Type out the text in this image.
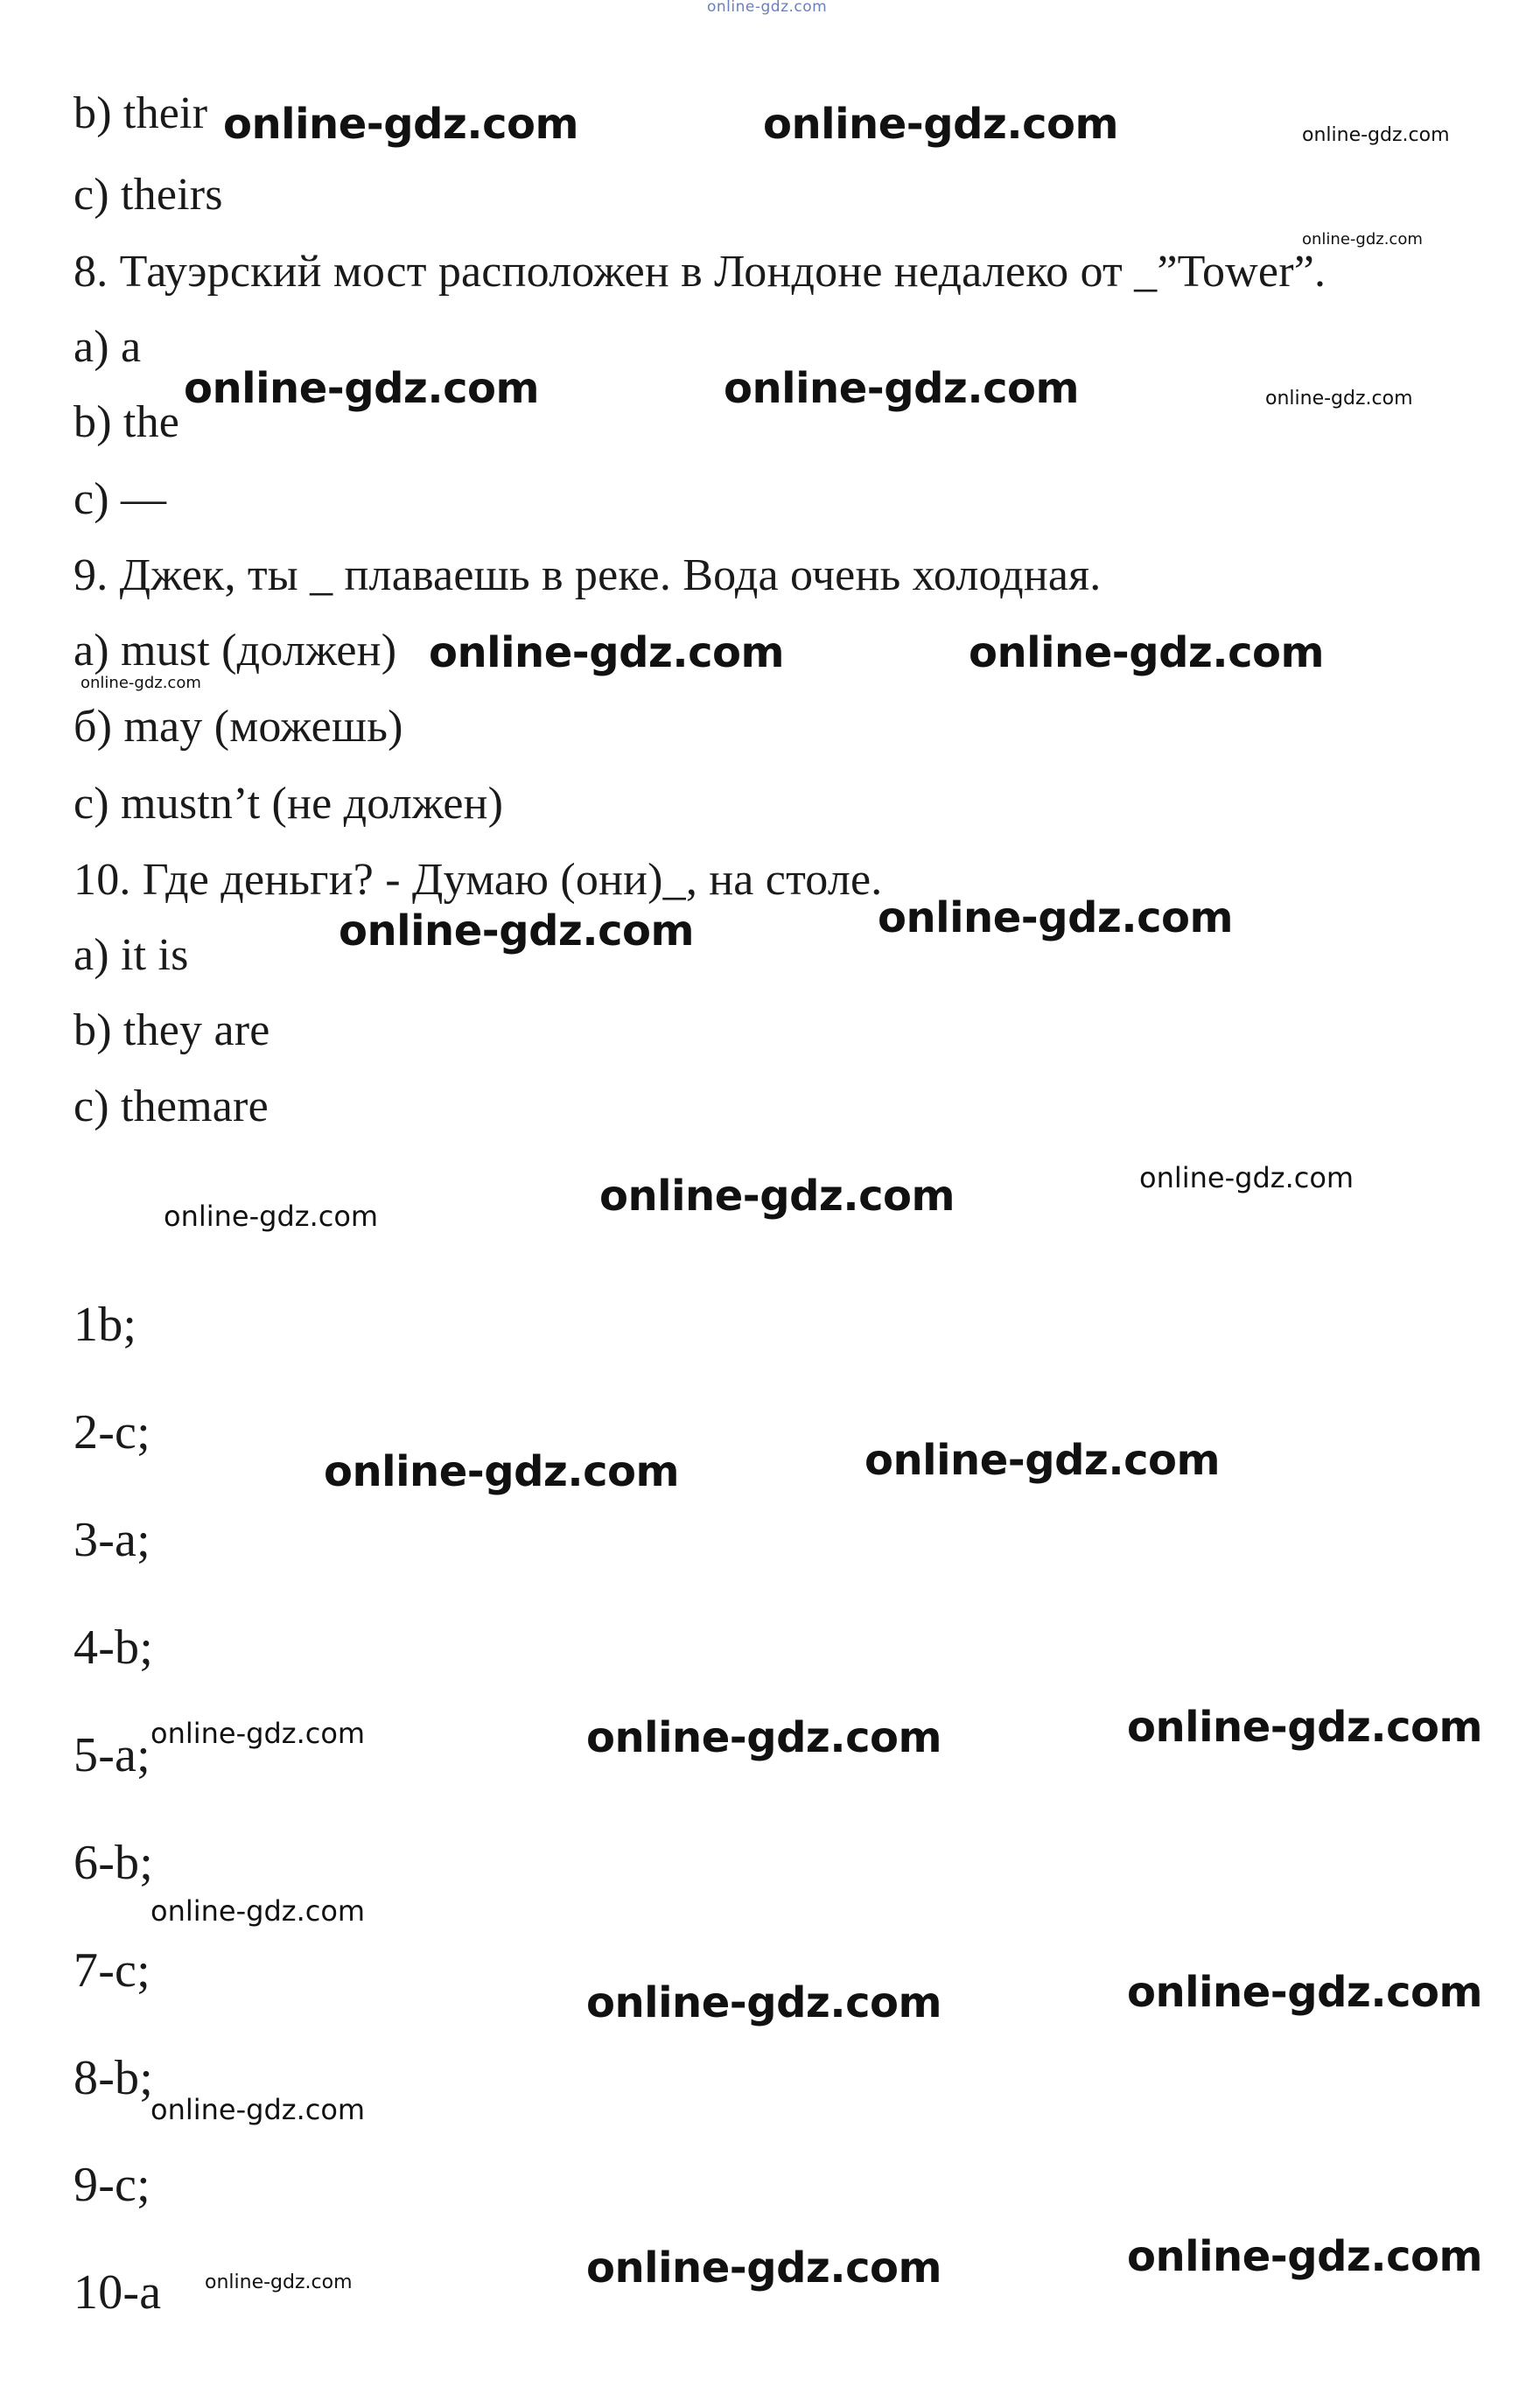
online-gdz.com

b) their

c) theirs

8. Тауэрский мост расположен в Лондоне недалеко от _”Tower”.

a) a

b) the

c) —

9. Джек, ты _ плаваешь в реке. Вода очень холодная.

a) must (должен)

б) may (можешь)

c) mustn’t (не должен)

10. Где деньги? - Думаю (они)_, на столе.

a) it is

b) they are

c) themare

1b;

2-c;

3-a;

4-b;

5-a;

6-b;

7-c;

8-b;

9-c;

10-a

online-gdz.com	online-gdz.com	online-gdz.com
online-gdz.com
online-gdz.com	online-gdz.com	online-gdz.com
online-gdz.com	online-gdz.com
online-gdz.com
online-gdz.com	online-gdz.com
online-gdz.com
online-gdz.com
online-gdz.com
online-gdz.com	online-gdz.com
online-gdz.com	online-gdz.com	online-gdz.com
online-gdz.com
online-gdz.com	online-gdz.com
online-gdz.com
online-gdz.com	online-gdz.com	online-gdz.com
